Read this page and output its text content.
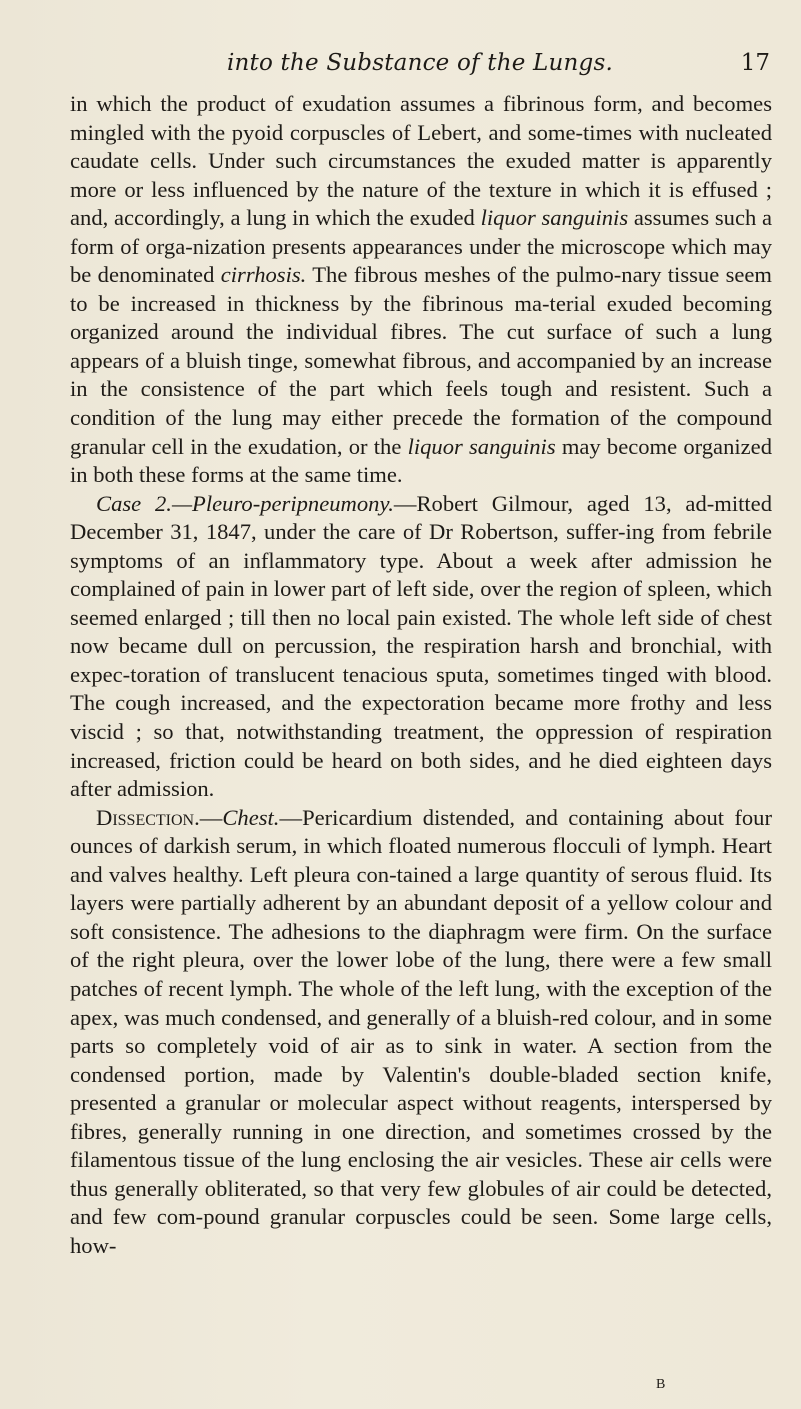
into the Substance of the Lungs.	17

in which the product of exudation assumes a fibrinous form, and becomes mingled with the pyoid corpuscles of Lebert, and some-times with nucleated caudate cells. Under such circumstances the exuded matter is apparently more or less influenced by the nature of the texture in which it is effused ; and, accordingly, a lung in which the exuded liquor sanguinis assumes such a form of orga-nization presents appearances under the microscope which may be denominated cirrhosis. The fibrous meshes of the pulmo-nary tissue seem to be increased in thickness by the fibrinous ma-terial exuded becoming organized around the individual fibres. The cut surface of such a lung appears of a bluish tinge, somewhat fibrous, and accompanied by an increase in the consistence of the part which feels tough and resistent. Such a condition of the lung may either precede the formation of the compound granular cell in the exudation, or the liquor sanguinis may become organized in both these forms at the same time.

Case 2.—Pleuro-peripneumony.—Robert Gilmour, aged 13, ad-mitted December 31, 1847, under the care of Dr Robertson, suffer-ing from febrile symptoms of an inflammatory type. About a week after admission he complained of pain in lower part of left side, over the region of spleen, which seemed enlarged ; till then no local pain existed. The whole left side of chest now became dull on percussion, the respiration harsh and bronchial, with expec-toration of translucent tenacious sputa, sometimes tinged with blood. The cough increased, and the expectoration became more frothy and less viscid ; so that, notwithstanding treatment, the oppression of respiration increased, friction could be heard on both sides, and he died eighteen days after admission.

Dissection.—Chest.—Pericardium distended, and containing about four ounces of darkish serum, in which floated numerous flocculi of lymph. Heart and valves healthy. Left pleura con-tained a large quantity of serous fluid. Its layers were partially adherent by an abundant deposit of a yellow colour and soft consistence. The adhesions to the diaphragm were firm. On the surface of the right pleura, over the lower lobe of the lung, there were a few small patches of recent lymph. The whole of the left lung, with the exception of the apex, was much condensed, and generally of a bluish-red colour, and in some parts so completely void of air as to sink in water. A section from the condensed portion, made by Valentin's double-bladed section knife, presented a granular or molecular aspect without reagents, interspersed by fibres, generally running in one direction, and sometimes crossed by the filamentous tissue of the lung enclosing the air vesicles. These air cells were thus generally obliterated, so that very few globules of air could be detected, and few com-pound granular corpuscles could be seen. Some large cells, how-

B
